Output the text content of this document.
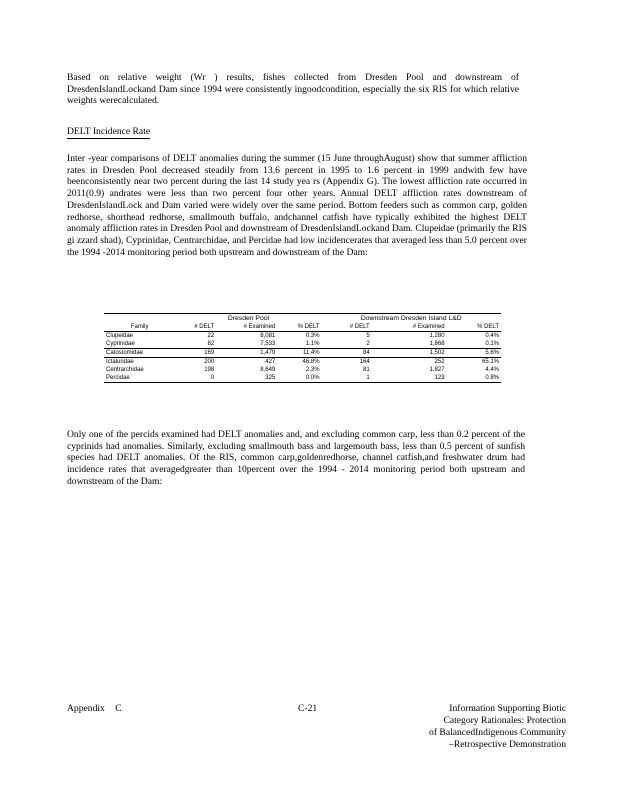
Based on relative weight (Wr ) results, fishes collected from Dresden Pool and downstream of DresdenIslandLockand Dam since 1994 were consistently ingoodcondition, especially the six RIS for which relative weights werecalculated.

DELT Incidence Rate

Inter -year comparisons of DELT anomalies during the summer (15 June throughAugust) show that summer affliction rates in Dresden Pool decreased steadily from 13.6 percent in 1995 to 1.6 percent in 1999 andwith few have beenconsistently near two percent during the last 14 study yea rs (Appendix G). The lowest affliction rate occurred in 2011(0.9) andrates were less than two percent four other years. Annual DELT affliction rates downstream of DresdenIslandLock and Dam varied were widely over the same period. Bottom feeders such as common carp, golden redhorse, shorthead redhorse, smallmouth buffalo, andchannel catfish have typically exhibited the highest DELT anomaly affliction rates in Dresden Pool and downstream of DresdenIslandLockand Dam. Clupeidae (primarily the RIS gi zzard shad), Cyprinidae, Centrarchidae, and Percidae had low incidencerates that averaged less than 5.0 percent over the 1994 -2014 monitoring period both upstream and downstream of the Dam:

Family	Dresden Pool			Downstream Dresden Island L&D		
	# DELT	# Examined	% DELT	# DELT	# Examined	% DELT
Clupeidae	22	8,081	0.3%	5	1,280	0.4%
Cyprinidae	82	7,533	1.1%	2	1,868	0.1%
Catostomidae	169	1,479	11.4%	84	1,502	5.6%
Ictaluridae	200	427	46.8%	164	252	65.1%
Centrarchidae	198	8,649	2.3%	81	1,827	4.4%
Percidae	0	325	0.0%	1	123	0.8%

Only one of the percids examined had DELT anomalies and, and excluding common carp, less than 0.2 percent of the cyprinids had anomalies. Similarly, excluding smallmouth bass and largemouth bass, less than 0.5 percent of sunfish species had DELT anomalies. Of the RIS, common carp,goldenredhorse, channel catfish,and freshwater drum had incidence rates that averagedgreater than 10percent over the 1994 - 2014 monitoring period both upstream and downstream of the Dam:

Appendix C	C-21	Information Supporting Biotic
Category Rationales: Protection
of BalancedIndigenous Community
–Retrospective Demonstration
